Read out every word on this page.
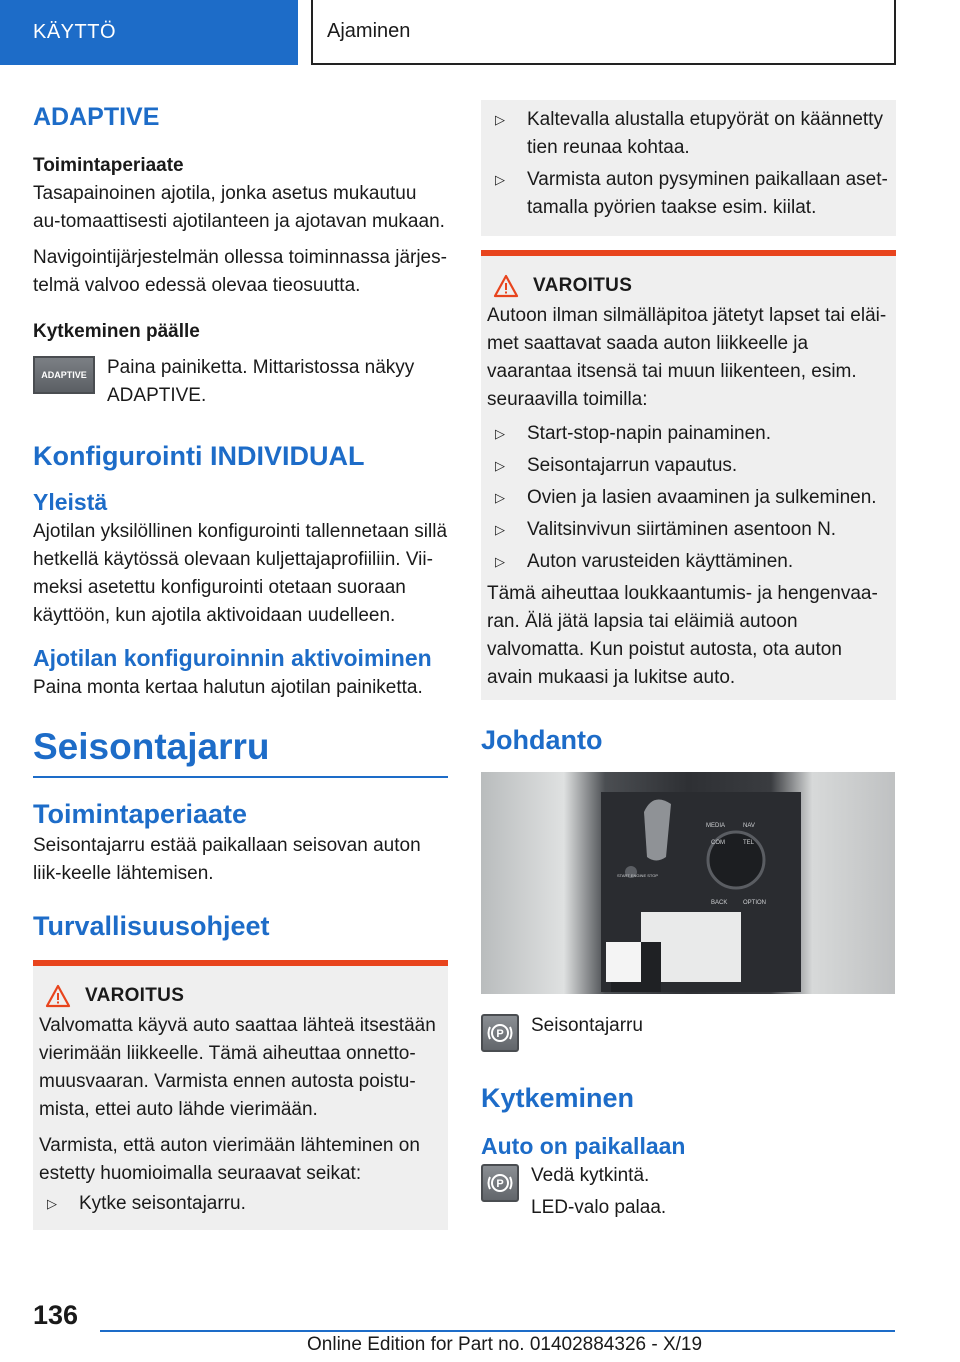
KÄYTTÖ	Ajaminen
ADAPTIVE
Toimintaperiaate

Tasapainoinen ajotila, jonka asetus mukautuu au-tomaattisesti ajotilanteen ja ajotavan mukaan.

Navigointijärjestelmän ollessa toiminnassa järjes-telmä valvoo edessä olevaa tieosuutta.

Kytkeminen päälle
ADAPTIVE	Paina painiketta. Mittaristossa näkyy ADAPTIVE.

Konfigurointi INDIVIDUAL
Yleistä

Ajotilan yksilöllinen konfigurointi tallennetaan sillä hetkellä käytössä olevaan kuljettajaprofiiliin. Vii-meksi asetettu konfigurointi otetaan suoraan käyttöön, kun ajotila aktivoidaan uudelleen.

Ajotilan konfiguroinnin aktivoiminen

Paina monta kertaa halutun ajotilan painiketta.

Seisontajarru
Toimintaperiaate

Seisontajarru estää paikallaan seisovan auton liik-keelle lähtemisen.

Turvallisuusohjeet
VAROITUS

Valvomatta käyvä auto saattaa lähteä itsestään vierimään liikkeelle. Tämä aiheuttaa onnetto-muusvaaran. Varmista ennen autosta poistu-mista, ettei auto lähde vierimään.

Varmista, että auton vierimään lähteminen on estetty huomioimalla seuraavat seikat:

▷	Kytke seisontajarru.
▷	Kaltevalla alustalla etupyörät on käännetty tien reunaa kohtaa.
▷	Varmista auton pysyminen paikallaan aset-tamalla pyörien taakse esim. kiilat.
VAROITUS

Autoon ilman silmälläpitoa jätetyt lapset tai eläi-met saattavat saada auton liikkeelle ja vaarantaa itsensä tai muun liikenteen, esim. seuraavilla toimilla:

▷	Start-stop-napin painaminen.
▷	Seisontajarrun vapautus.
▷	Ovien ja lasien avaaminen ja sulkeminen.
▷	Valitsinvivun siirtäminen asentoon N.
▷	Auton varusteiden käyttäminen.

Tämä aiheuttaa loukkaantumis- ja hengenvaa-ran. Älä jätä lapsia tai eläimiä autoon valvomatta. Kun poistut autosta, ota auton avain mukaasi ja lukitse auto.

Johdanto
MEDIA
COM
NAV
TEL
BACK	OPTION
START ENGINE STOP
P Seisontajarru

Kytkeminen
Auto on paikallaan
P Vedä kytkintä.

LED-valo palaa.

136
Online Edition for Part no. 01402884326 - X/19
